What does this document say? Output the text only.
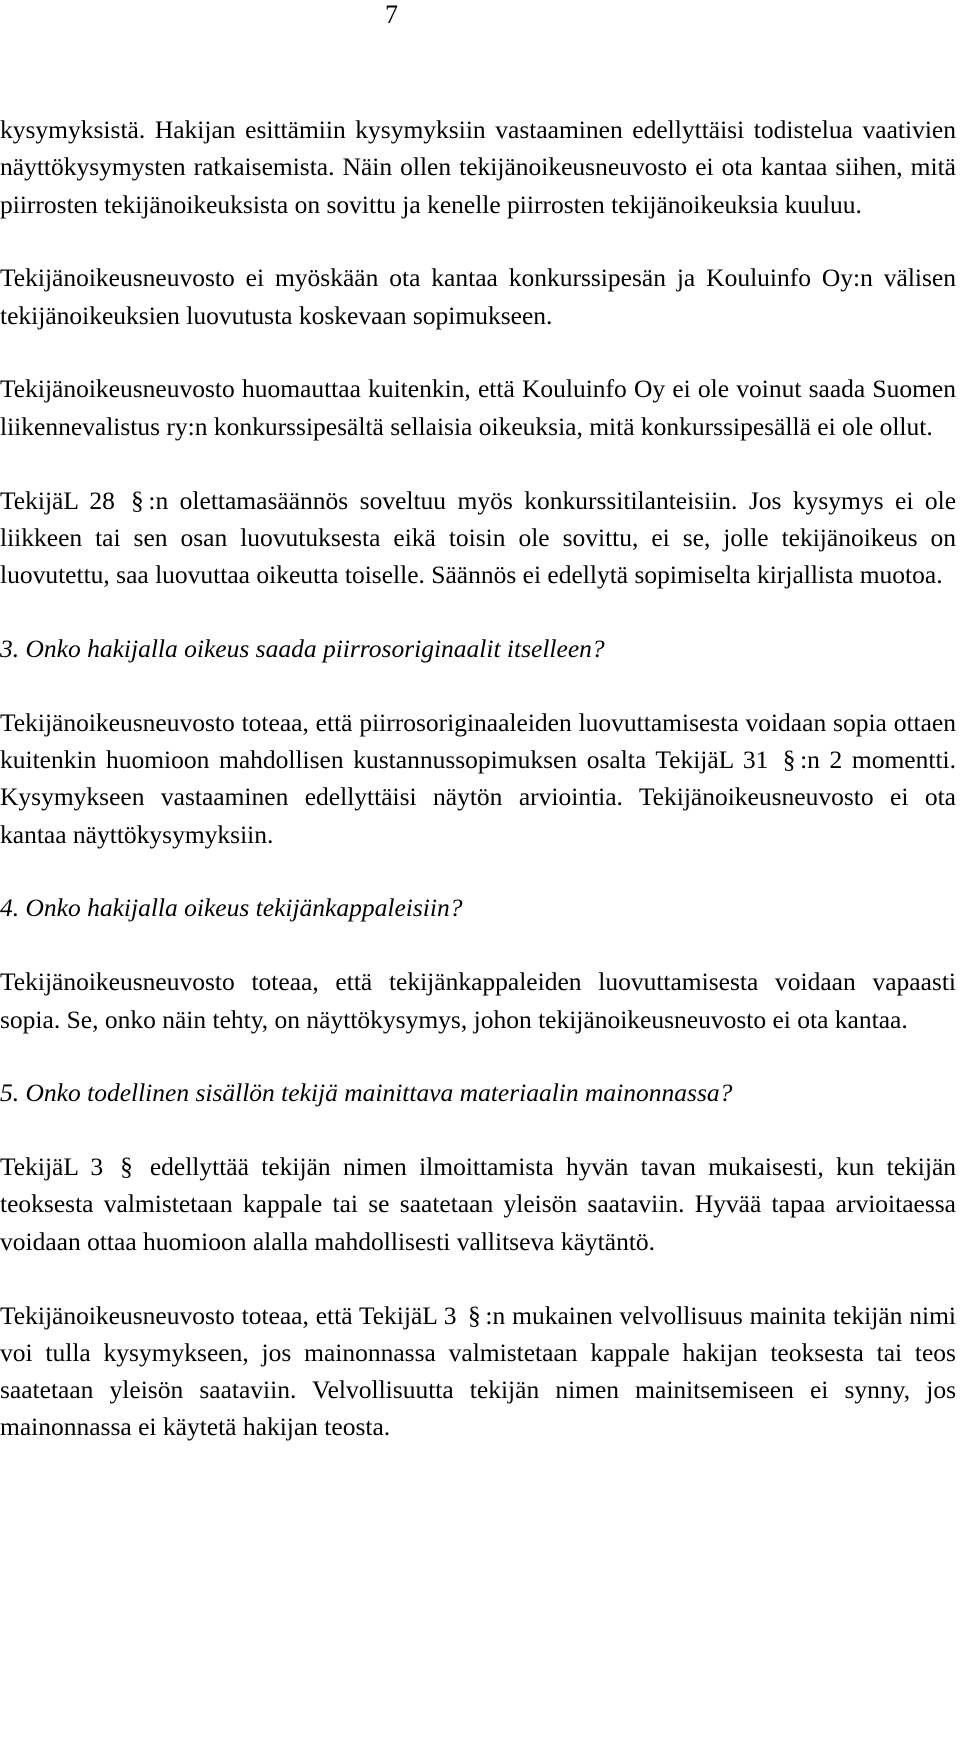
7

kysymyksistä. Hakijan esittämiin kysymyksiin vastaaminen edellyttäisi todistelua vaativien näyttökysymysten ratkaisemista. Näin ollen tekijänoikeusneuvosto ei ota kantaa siihen, mitä piirrosten tekijänoikeuksista on sovittu ja kenelle piirrosten tekijänoikeuksia kuuluu.

Tekijänoikeusneuvosto ei myöskään ota kantaa konkurssipesän ja Kouluinfo Oy:n välisen tekijänoikeuksien luovutusta koskevaan sopimukseen.

Tekijänoikeusneuvosto huomauttaa kuitenkin, että Kouluinfo Oy ei ole voinut saada Suomen liikennevalistus ry:n konkurssipesältä sellaisia oikeuksia, mitä konkurssipesällä ei ole ollut.

TekijäL 28 § :n olettamasäännös soveltuu myös konkurssitilanteisiin. Jos kysymys ei ole liikkeen tai sen osan luovutuksesta eikä toisin ole sovittu, ei se, jolle tekijänoikeus on luovutettu, saa luovuttaa oikeutta toiselle. Säännös ei edellytä sopimiselta kirjallista muotoa.

3. Onko hakijalla oikeus saada piirrosoriginaalit itselleen?

Tekijänoikeusneuvosto toteaa, että piirrosoriginaaleiden luovuttamisesta voidaan sopia ottaen kuitenkin huomioon mahdollisen kustannussopimuksen osalta TekijäL 31 § :n 2 momentti. Kysymykseen vastaaminen edellyttäisi näytön arviointia. Tekijänoikeusneuvosto ei ota kantaa näyttökysymyksiin.

4. Onko hakijalla oikeus tekijänkappaleisiin?

Tekijänoikeusneuvosto toteaa, että tekijänkappaleiden luovuttamisesta voidaan vapaasti sopia. Se, onko näin tehty, on näyttökysymys, johon tekijänoikeusneuvosto ei ota kantaa.

5. Onko todellinen sisällön tekijä mainittava materiaalin mainonnassa?

TekijäL 3 § edellyttää tekijän nimen ilmoittamista hyvän tavan mukaisesti, kun tekijän teoksesta valmistetaan kappale tai se saatetaan yleisön saataviin. Hyvää tapaa arvioitaessa voidaan ottaa huomioon alalla mahdollisesti vallitseva käytäntö.

Tekijänoikeusneuvosto toteaa, että TekijäL 3 § :n mukainen velvollisuus mainita tekijän nimi voi tulla kysymykseen, jos mainonnassa valmistetaan kappale hakijan teoksesta tai teos saatetaan yleisön saataviin. Velvollisuutta tekijän nimen mainitsemiseen ei synny, jos mainonnassa ei käytetä hakijan teosta.
